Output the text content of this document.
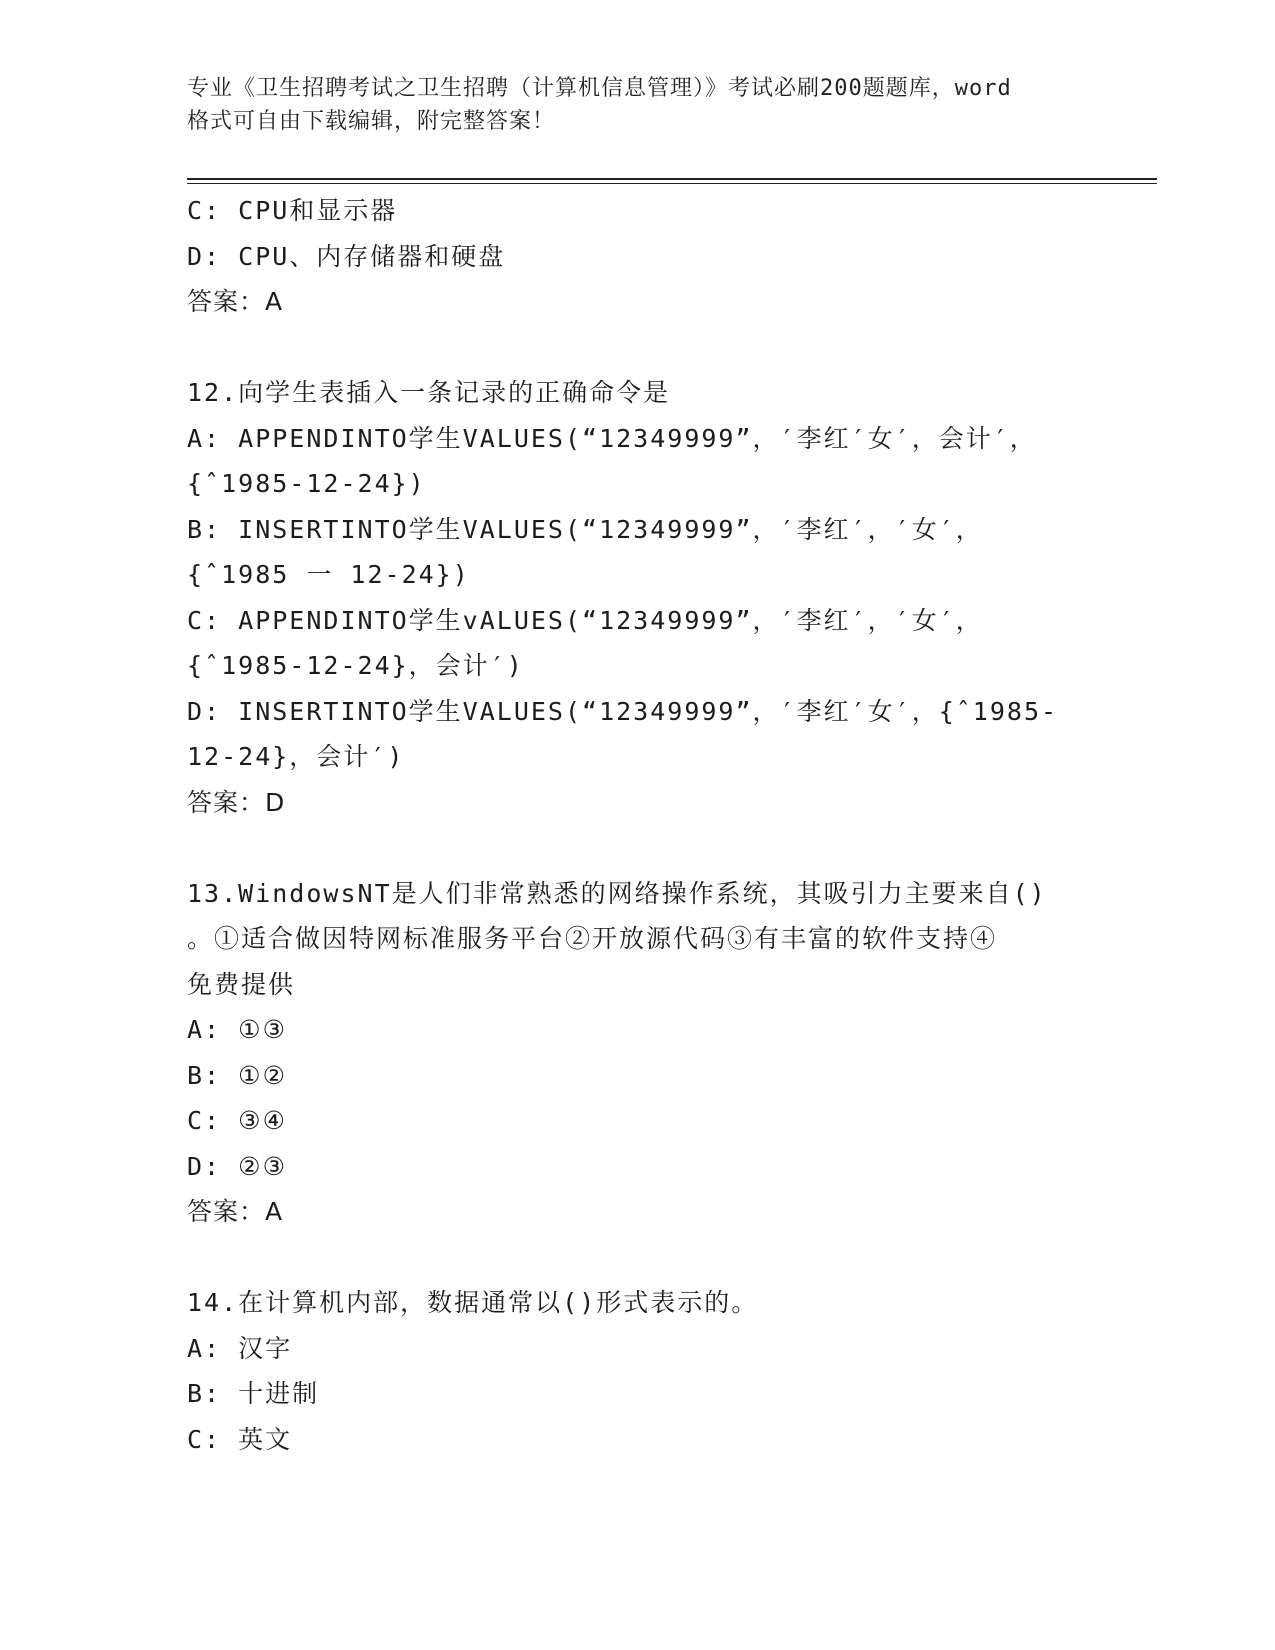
专业《卫生招聘考试之卫生招聘（计算机信息管理）》考试必刷200题题库，word
格式可自由下载编辑，附完整答案！
C: CPU和显示器
D: CPU、内存储器和硬盘
答案：A
12.向学生表插入一条记录的正确命令是
A: APPENDINTO学生VALUES(“12349999”，′李红′女′，会计′，
{ˆ1985-12-24})
B: INSERTINTO学生VALUES(“12349999”，′李红′，′女′，
{ˆ1985 一 12-24})
C: APPENDINTO学生vALUES(“12349999”，′李红′，′女′，
{ˆ1985-12-24}，会计′)
D: INSERTINTO学生VALUES(“12349999”，′李红′女′，{ˆ1985-
12-24}，会计′)
答案：D
13.WindowsNT是人们非常熟悉的网络操作系统，其吸引力主要来自()
。①适合做因特网标准服务平台②开放源代码③有丰富的软件支持④
免费提供
A: ①③
B: ①②
C: ③④
D: ②③
答案：A
14.在计算机内部，数据通常以()形式表示的。
A: 汉字
B: 十进制
C: 英文
